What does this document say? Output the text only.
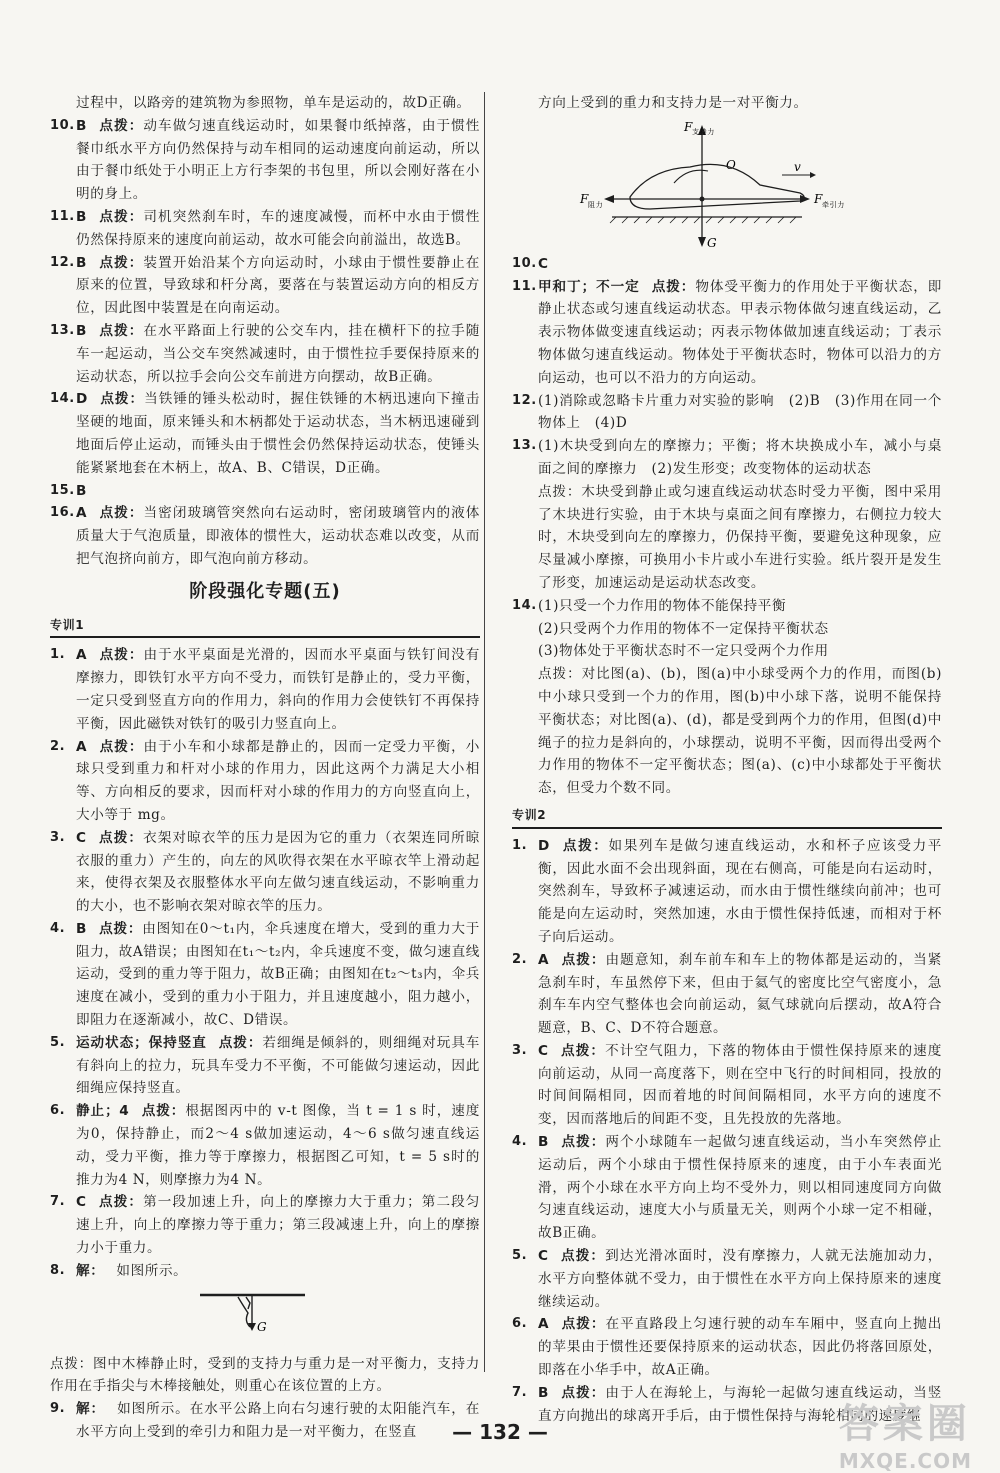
过程中，以路旁的建筑物为参照物，单车是运动的，故D正确。
10. B 点拨：动车做匀速直线运动时，如果餐巾纸掉落，由于惯性餐巾纸水平方向仍然保持与动车相同的运动速度向前运动，所以由于餐巾纸处于小明正上方行李架的书包里，所以会刚好落在小明的身上。
11. B 点拨：司机突然刹车时，车的速度减慢，而杯中水由于惯性仍然保持原来的速度向前运动，故水可能会向前溢出，故选B。
12. B 点拨：装置开始沿某个方向运动时，小球由于惯性要静止在原来的位置，导致球和杆分离，要落在与装置运动方向的相反方位，因此图中装置是在向南运动。
13. B 点拨：在水平路面上行驶的公交车内，挂在横杆下的拉手随车一起运动，当公交车突然减速时，由于惯性拉手要保持原来的运动状态，所以拉手会向公交车前进方向摆动，故B正确。
14. D 点拨：当铁锤的锤头松动时，握住铁锤的木柄迅速向下撞击坚硬的地面，原来锤头和木柄都处于运动状态，当木柄迅速碰到地面后停止运动，而锤头由于惯性会仍然保持运动状态，使锤头能紧紧地套在木柄上，故A、B、C错误，D正确。
15. B
16. A 点拨：当密闭玻璃管突然向右运动时，密闭玻璃管内的液体质量大于气泡质量，即液体的惯性大，运动状态难以改变，从而把气泡挤向前方，即气泡向前方移动。
阶段强化专题(五)
专训1
1. A 点拨：由于水平桌面是光滑的，因而水平桌面与铁钉间没有摩擦力，即铁钉水平方向不受力，而铁钉是静止的，受力平衡，一定只受到竖直方向的作用力，斜向的作用力会使铁钉不再保持平衡，因此磁铁对铁钉的吸引力竖直向上。
2. A 点拨：由于小车和小球都是静止的，因而一定受力平衡，小球只受到重力和杆对小球的作用力，因此这两个力满足大小相等、方向相反的要求，因而杆对小球的作用力的方向竖直向上，大小等于 mg。
3. C 点拨：衣架对晾衣竿的压力是因为它的重力（衣架连同所晾衣服的重力）产生的，向左的风吹得衣架在水平晾衣竿上滑动起来，使得衣架及衣服整体水平向左做匀速直线运动，不影响重力的大小，也不影响衣架对晾衣竿的压力。
4. B 点拨：由图知在0～t₁内，伞兵速度在增大，受到的重力大于阻力，故A错误；由图知在t₁～t₂内，伞兵速度不变，做匀速直线运动，受到的重力等于阻力，故B正确；由图知在t₂～t₃内，伞兵速度在减小，受到的重力小于阻力，并且速度越小，阻力越小，即阻力在逐渐减小，故C、D错误。
5. 运动状态；保持竖直 点拨：若细绳是倾斜的，则细绳对玩具车有斜向上的拉力，玩具车受力不平衡，不可能做匀速运动，因此细绳应保持竖直。
6. 静止；4 点拨：根据图丙中的 v-t 图像，当 t = 1 s 时，速度为0，保持静止，而2～4 s做加速运动，4～6 s做匀速直线运动，受力平衡，推力等于摩擦力，根据图乙可知，t = 5 s时的推力为4 N，则摩擦力为4 N。
7. C 点拨：第一段加速上升，向上的摩擦力大于重力；第二段匀速上升，向上的摩擦力等于重力；第三段减速上升，向上的摩擦力小于重力。
8. 解： 如图所示。
G
点拨：图中木棒静止时，受到的支持力与重力是一对平衡力，支持力作用在手指尖与木棒接触处，则重心在该位置的上方。
9. 解： 如图所示。在水平公路上向右匀速行驶的太阳能汽车，在水平方向上受到的牵引力和阻力是一对平衡力，在竖直
方向上受到的重力和支持力是一对平衡力。
F 支持力
O	v
F 阻力	F 牵引力
G
10. C
11. 甲和丁；不一定 点拨：物体受平衡力的作用处于平衡状态，即静止状态或匀速直线运动状态。甲表示物体做匀速直线运动，乙表示物体做变速直线运动；丙表示物体做加速直线运动；丁表示物体做匀速直线运动。物体处于平衡状态时，物体可以沿力的方向运动，也可以不沿力的方向运动。
12. (1)消除或忽略卡片重力对实验的影响　(2)B　(3)作用在同一个物体上　(4)D
13. (1)木块受到向左的摩擦力；平衡；将木块换成小车，减小与桌面之间的摩擦力　(2)发生形变；改变物体的运动状态
点拨：木块受到静止或匀速直线运动状态时受力平衡，图中采用了木块进行实验，由于木块与桌面之间有摩擦力，右侧拉力较大时，木块受到向左的摩擦力，仍保持平衡，要避免这种现象，应尽量减小摩擦，可换用小卡片或小车进行实验。纸片裂开是发生了形变，加速运动是运动状态改变。
14. (1)只受一个力作用的物体不能保持平衡
(2)只受两个力作用的物体不一定保持平衡状态
(3)物体处于平衡状态时不一定只受两个力作用
点拨：对比图(a)、(b)，图(a)中小球受两个力的作用，而图(b)中小球只受到一个力的作用，图(b)中小球下落，说明不能保持平衡状态；对比图(a)、(d)，都是受到两个力的作用，但图(d)中绳子的拉力是斜向的，小球摆动，说明不平衡，因而得出受两个力作用的物体不一定平衡状态；图(a)、(c)中小球都处于平衡状态，但受力个数不同。
专训2
1. D 点拨：如果列车是做匀速直线运动，水和杯子应该受力平衡，因此水面不会出现斜面，现在右侧高，可能是向右运动时，突然刹车，导致杯子减速运动，而水由于惯性继续向前冲；也可能是向左运动时，突然加速，水由于惯性保持低速，而相对于杯子向后运动。
2. A 点拨：由题意知，刹车前车和车上的物体都是运动的，当紧急刹车时，车虽然停下来，但由于氦气的密度比空气密度小，急刹车车内空气整体也会向前运动，氦气球就向后摆动，故A符合题意，B、C、D不符合题意。
3. C 点拨：不计空气阻力，下落的物体由于惯性保持原来的速度向前运动，从同一高度落下，则在空中飞行的时间相同，投放的时间间隔相同，因而着地的时间间隔相同，水平方向的速度不变，因而落地后的间距不变，且先投放的先落地。
4. B 点拨：两个小球随车一起做匀速直线运动，当小车突然停止运动后，两个小球由于惯性保持原来的速度，由于小车表面光滑，两个小球在水平方向上均不受外力，则以相同速度同方向做匀速直线运动，速度大小与质量无关，则两个小球一定不相碰，故B正确。
5. C 点拨：到达光滑冰面时，没有摩擦力，人就无法施加动力，水平方向整体就不受力，由于惯性在水平方向上保持原来的速度继续运动。
6. A 点拨：在平直路段上匀速行驶的动车车厢中，竖直向上抛出的苹果由于惯性还要保持原来的运动状态，因此仍将落回原处，即落在小华手中，故A正确。
7. B 点拨：由于人在海轮上，与海轮一起做匀速直线运动，当竖直方向抛出的球离开手后，由于惯性保持与海轮相同的速度继
— 132 —	答案圈
MXQE.COM
